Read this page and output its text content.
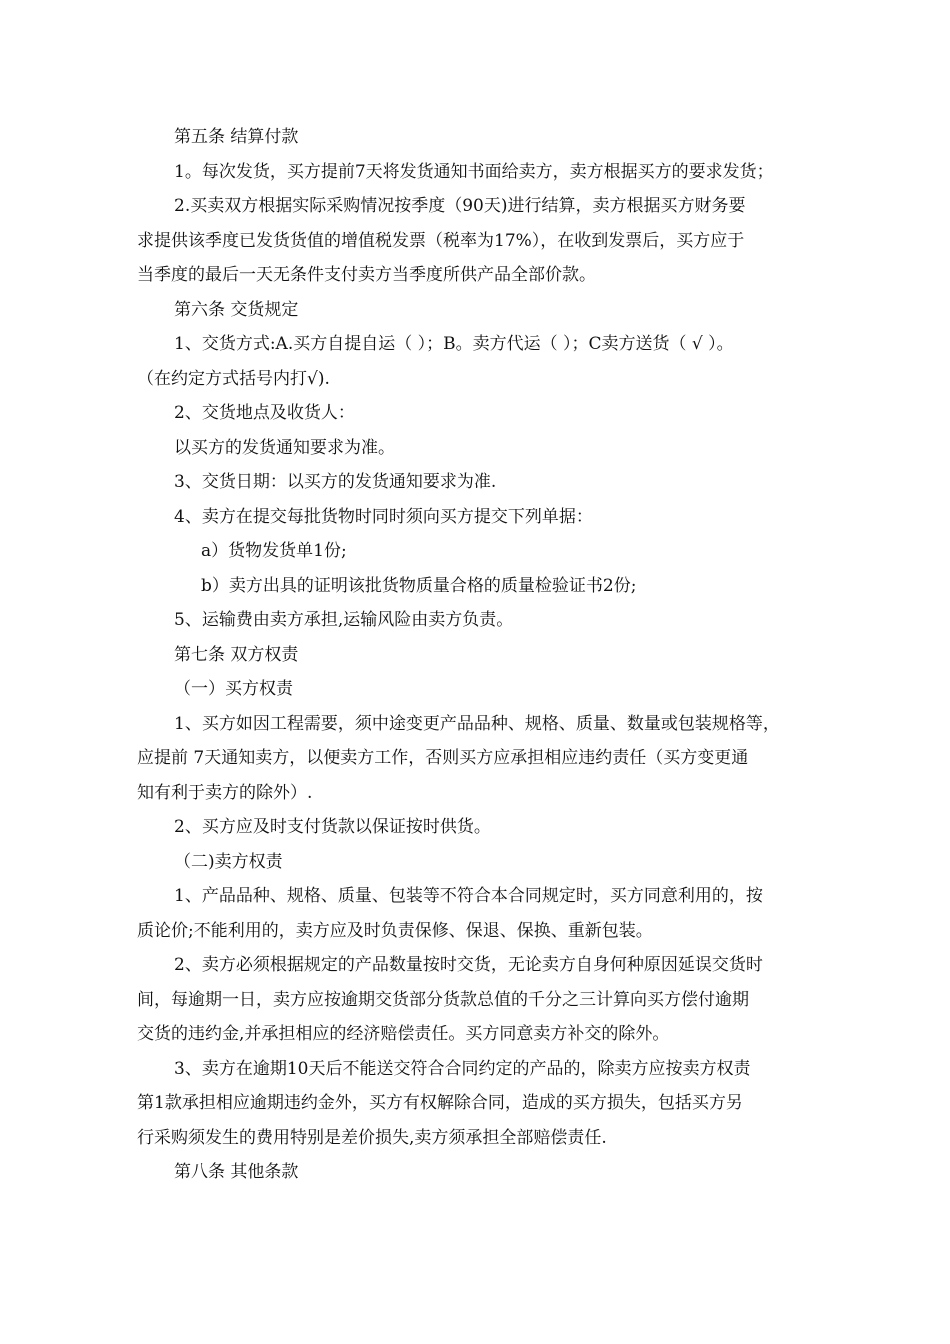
第五条 结算付款
1。每次发货，买方提前7天将发货通知书面给卖方，卖方根据买方的要求发货；
2.买卖双方根据实际采购情况按季度（90天)进行结算，卖方根据买方财务要
求提供该季度已发货货值的增值税发票（税率为17%），在收到发票后，买方应于
当季度的最后一天无条件支付卖方当季度所供产品全部价款。
第六条 交货规定
1、交货方式:A.买方自提自运（ ）；B。卖方代运（ ）；C卖方送货（ √ ）。
（在约定方式括号内打√).
2、交货地点及收货人：
以买方的发货通知要求为准。
3、交货日期：以买方的发货通知要求为准.
4、卖方在提交每批货物时同时须向买方提交下列单据：
a）货物发货单1份;
b）卖方出具的证明该批货物质量合格的质量检验证书2份;
5、运输费由卖方承担,运输风险由卖方负责。
第七条 双方权责
（一）买方权责
1、买方如因工程需要，须中途变更产品品种、规格、质量、数量或包装规格等，
应提前 7天通知卖方，以便卖方工作，否则买方应承担相应违约责任（买方变更通
知有利于卖方的除外）.
2、买方应及时支付货款以保证按时供货。
（二)卖方权责
1、产品品种、规格、质量、包装等不符合本合同规定时，买方同意利用的，按
质论价;不能利用的，卖方应及时负责保修、保退、保换、重新包装。
2、卖方必须根据规定的产品数量按时交货，无论卖方自身何种原因延误交货时
间，每逾期一日，卖方应按逾期交货部分货款总值的千分之三计算向买方偿付逾期
交货的违约金,并承担相应的经济赔偿责任。买方同意卖方补交的除外。
3、卖方在逾期10天后不能送交符合合同约定的产品的，除卖方应按卖方权责
第1款承担相应逾期违约金外，买方有权解除合同，造成的买方损失，包括买方另
行采购须发生的费用特别是差价损失,卖方须承担全部赔偿责任.
第八条 其他条款
